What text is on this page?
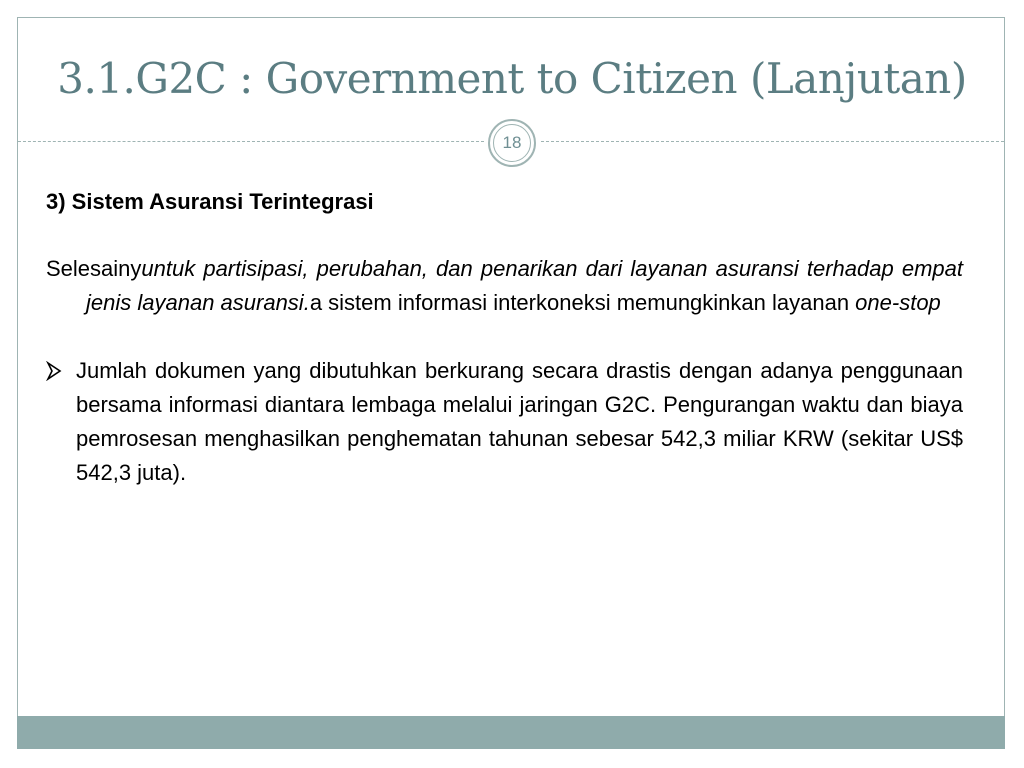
3.1.G2C : Government to Citizen (Lanjutan)
18

3) Sistem Asuransi Terintegrasi

Selesainyuntuk partisipasi, perubahan, dan penarikan dari layanan asuransi terhadap empat jenis layanan asuransi.a sistem informasi interkoneksi memungkinkan layanan one-stop

Jumlah dokumen yang dibutuhkan berkurang secara drastis dengan adanya penggunaan bersama informasi diantara lembaga melalui jaringan G2C. Pengurangan waktu dan biaya pemrosesan menghasilkan penghematan tahunan sebesar 542,3 miliar KRW (sekitar US$ 542,3 juta).
